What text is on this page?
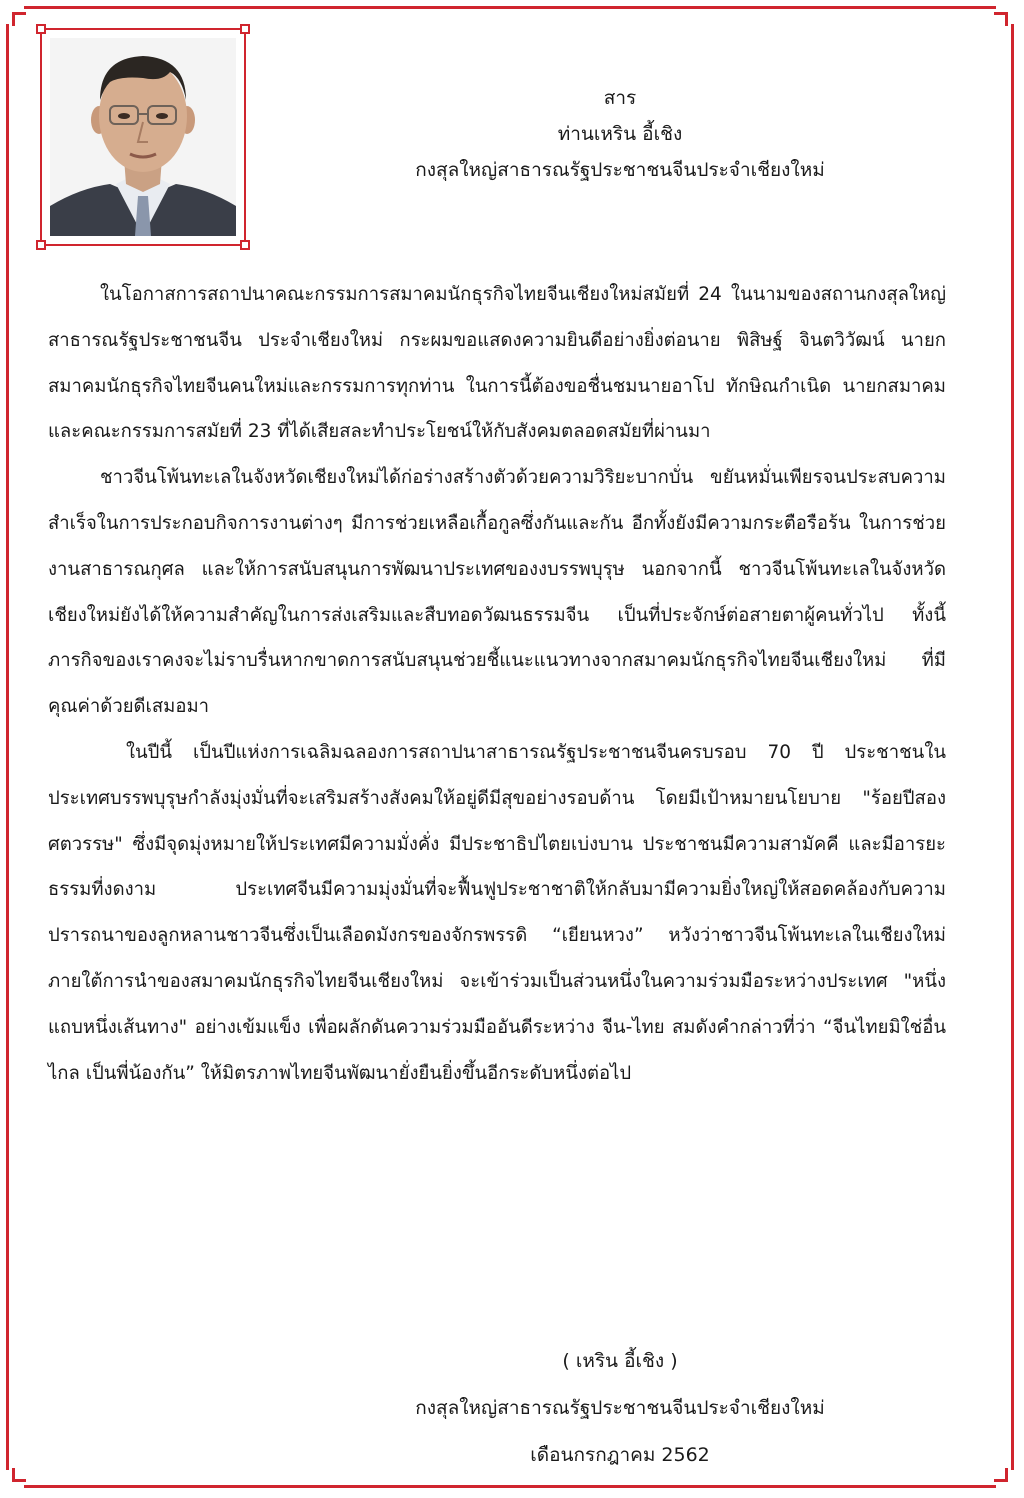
สาร
ท่านเหริน อี้เชิง
กงสุลใหญ่สาธารณรัฐประชาชนจีนประจำเชียงใหม่

ในโอกาสการสถาปนาคณะกรรมการสมาคมนักธุรกิจไทยจีนเชียงใหม่สมัยที่ 24 ในนามของสถานกงสุลใหญ่สาธารณรัฐประชาชนจีน ประจำเชียงใหม่ กระผมขอแสดงความยินดีอย่างยิ่งต่อนาย พิสิษฐ์ จินตวิวัฒน์ นายกสมาคมนักธุรกิจไทยจีนคนใหม่และกรรมการทุกท่าน ในการนี้ต้องขอชื่นชมนายอาโป ทักษิณกำเนิด นายกสมาคมและคณะกรรมการสมัยที่ 23 ที่ได้เสียสละทำประโยชน์ให้กับสังคมตลอดสมัยที่ผ่านมา

ชาวจีนโพ้นทะเลในจังหวัดเชียงใหม่ได้ก่อร่างสร้างตัวด้วยความวิริยะบากบั่น ขยันหมั่นเพียรจนประสบความสำเร็จในการประกอบกิจการงานต่างๆ มีการช่วยเหลือเกื้อกูลซึ่งกันและกัน อีกทั้งยังมีความกระตือรือร้น ในการช่วยงานสาธารณกุศล และให้การสนับสนุนการพัฒนาประเทศของงบรรพบุรุษ นอกจากนี้ ชาวจีนโพ้นทะเลในจังหวัดเชียงใหม่ยังได้ให้ความสำคัญในการส่งเสริมและสืบทอดวัฒนธรรมจีน เป็นที่ประจักษ์ต่อสายตาผู้คนทั่วไป ทั้งนี้ ภารกิจของเราคงจะไม่ราบรื่นหากขาดการสนับสนุนช่วยชี้แนะแนวทางจากสมาคมนักธุรกิจไทยจีนเชียงใหม่ ที่มีคุณค่าด้วยดีเสมอมา

ในปีนี้ เป็นปีแห่งการเฉลิมฉลองการสถาปนาสาธารณรัฐประชาชนจีนครบรอบ 70 ปี ประชาชนในประเทศบรรพบุรุษกำลังมุ่งมั่นที่จะเสริมสร้างสังคมให้อยู่ดีมีสุขอย่างรอบด้าน โดยมีเป้าหมายนโยบาย "ร้อยปีสองศตวรรษ" ซึ่งมีจุดมุ่งหมายให้ประเทศมีความมั่งคั่ง มีประชาธิปไตยเบ่งบาน ประชาชนมีความสามัคคี และมีอารยะธรรมที่งดงาม ประเทศจีนมีความมุ่งมั่นที่จะฟื้นฟูประชาชาติให้กลับมามีความยิ่งใหญ่ให้สอดคล้องกับความปรารถนาของลูกหลานชาวจีนซึ่งเป็นเลือดมังกรของจักรพรรดิ “เยียนหวง” หวังว่าชาวจีนโพ้นทะเลในเชียงใหม่ ภายใต้การนำของสมาคมนักธุรกิจไทยจีนเชียงใหม่ จะเข้าร่วมเป็นส่วนหนึ่งในความร่วมมือระหว่างประเทศ "หนึ่งแถบหนึ่งเส้นทาง" อย่างเข้มแข็ง เพื่อผลักดันความร่วมมืออันดีระหว่าง จีน-ไทย สมดังคำกล่าวที่ว่า “จีนไทยมิใช่อื่นไกล เป็นพี่น้องกัน” ให้มิตรภาพไทยจีนพัฒนายั่งยืนยิ่งขึ้นอีกระดับหนึ่งต่อไป

( เหริน อี้เชิง )
กงสุลใหญ่สาธารณรัฐประชาชนจีนประจำเชียงใหม่
เดือนกรกฎาคม 2562
